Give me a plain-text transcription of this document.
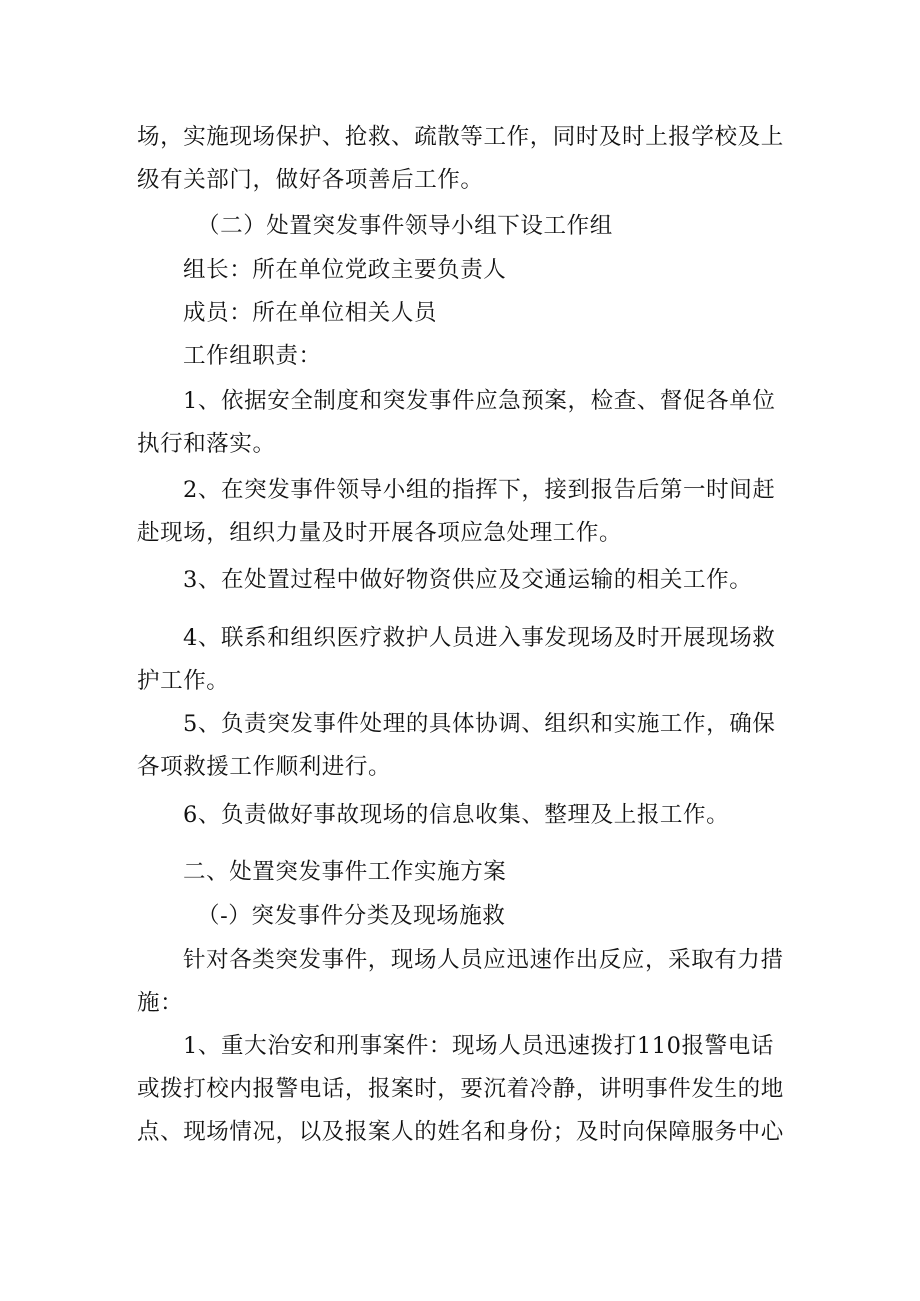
场，实施现场保护、抢救、疏散等工作，同时及时上报学校及上级有关部门，做好各项善后工作。

（二）处置突发事件领导小组下设工作组

组长：所在单位党政主要负责人

成员：所在单位相关人员

工作组职责：

1、依据安全制度和突发事件应急预案，检查、督促各单位执行和落实。

2、在突发事件领导小组的指挥下，接到报告后第一时间赶赴现场，组织力量及时开展各项应急处理工作。

3、在处置过程中做好物资供应及交通运输的相关工作。

4、联系和组织医疗救护人员进入事发现场及时开展现场救护工作。

5、负责突发事件处理的具体协调、组织和实施工作，确保各项救援工作顺利进行。

6、负责做好事故现场的信息收集、整理及上报工作。

二、处置突发事件工作实施方案

（-）突发事件分类及现场施救

针对各类突发事件，现场人员应迅速作出反应，采取有力措施：

1、重大治安和刑事案件：现场人员迅速拨打110报警电话或拨打校内报警电话，报案时，要沉着冷静，讲明事件发生的地点、现场情况，以及报案人的姓名和身份；及时向保障服务中心
